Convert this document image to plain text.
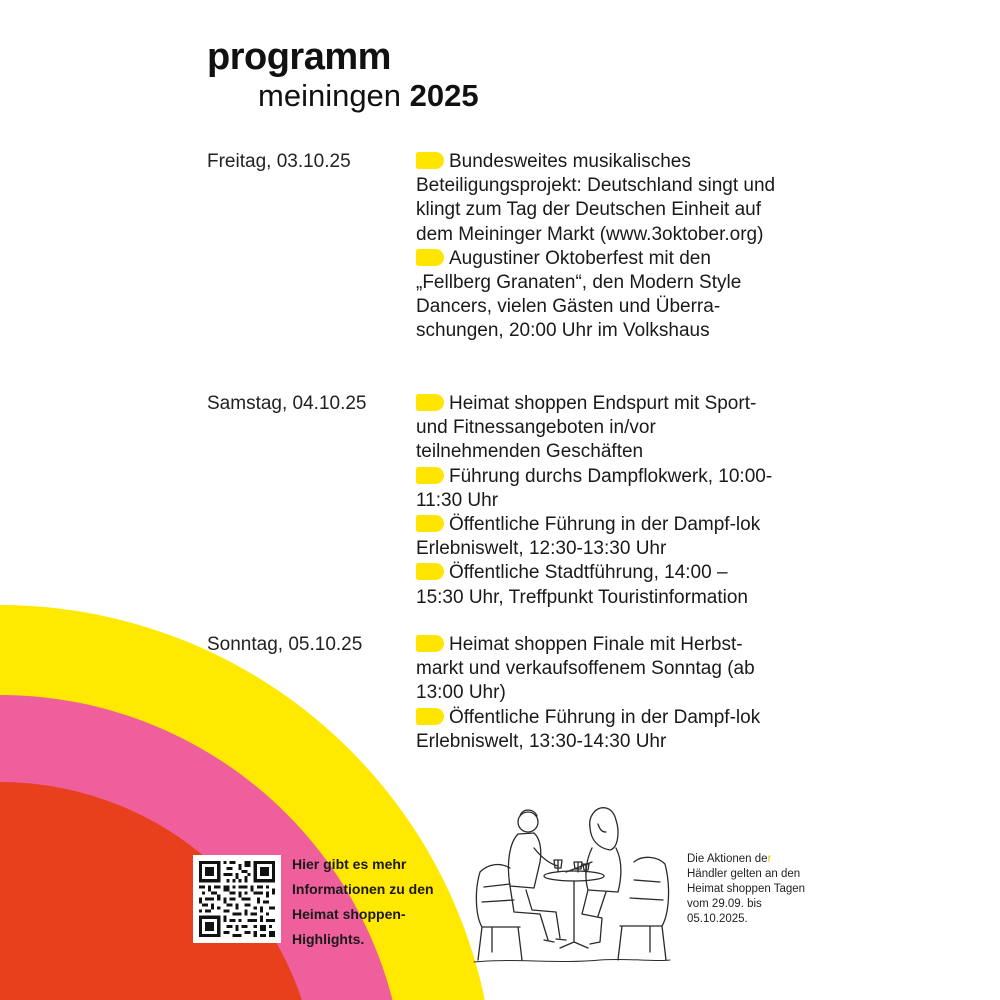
programm
meiningen 2025
Freitag, 03.10.25	Bundesweites musikalisches Beteiligungsprojekt: Deutschland singt und klingt zum Tag der Deutschen Einheit auf dem Meininger Markt (www.3oktober.org)
Augustiner Oktoberfest mit den „Fellberg Granaten“, den Modern Style Dancers, vielen Gästen und Überra-schungen, 20:00 Uhr im Volkshaus
Samstag, 04.10.25	Heimat shoppen Endspurt mit Sport- und Fitnessangeboten in/vor teilnehmenden Geschäften
Führung durchs Dampflokwerk, 10:00-11:30 Uhr
Öffentliche Führung in der Dampf-lok Erlebniswelt, 12:30-13:30 Uhr
Öffentliche Stadtführung, 14:00 – 15:30 Uhr, Treffpunkt Touristinformation
Sonntag, 05.10.25	Heimat shoppen Finale mit Herbst-markt und verkaufsoffenem Sonntag (ab 13:00 Uhr)
Öffentliche Führung in der Dampf-lok Erlebniswelt, 13:30-14:30 Uhr
Hier gibt es mehr Informationen zu den Heimat shoppen-Highlights.
Die Aktionen der Händler gelten an den Heimat shoppen Tagen vom 29.09. bis 05.10.2025.
